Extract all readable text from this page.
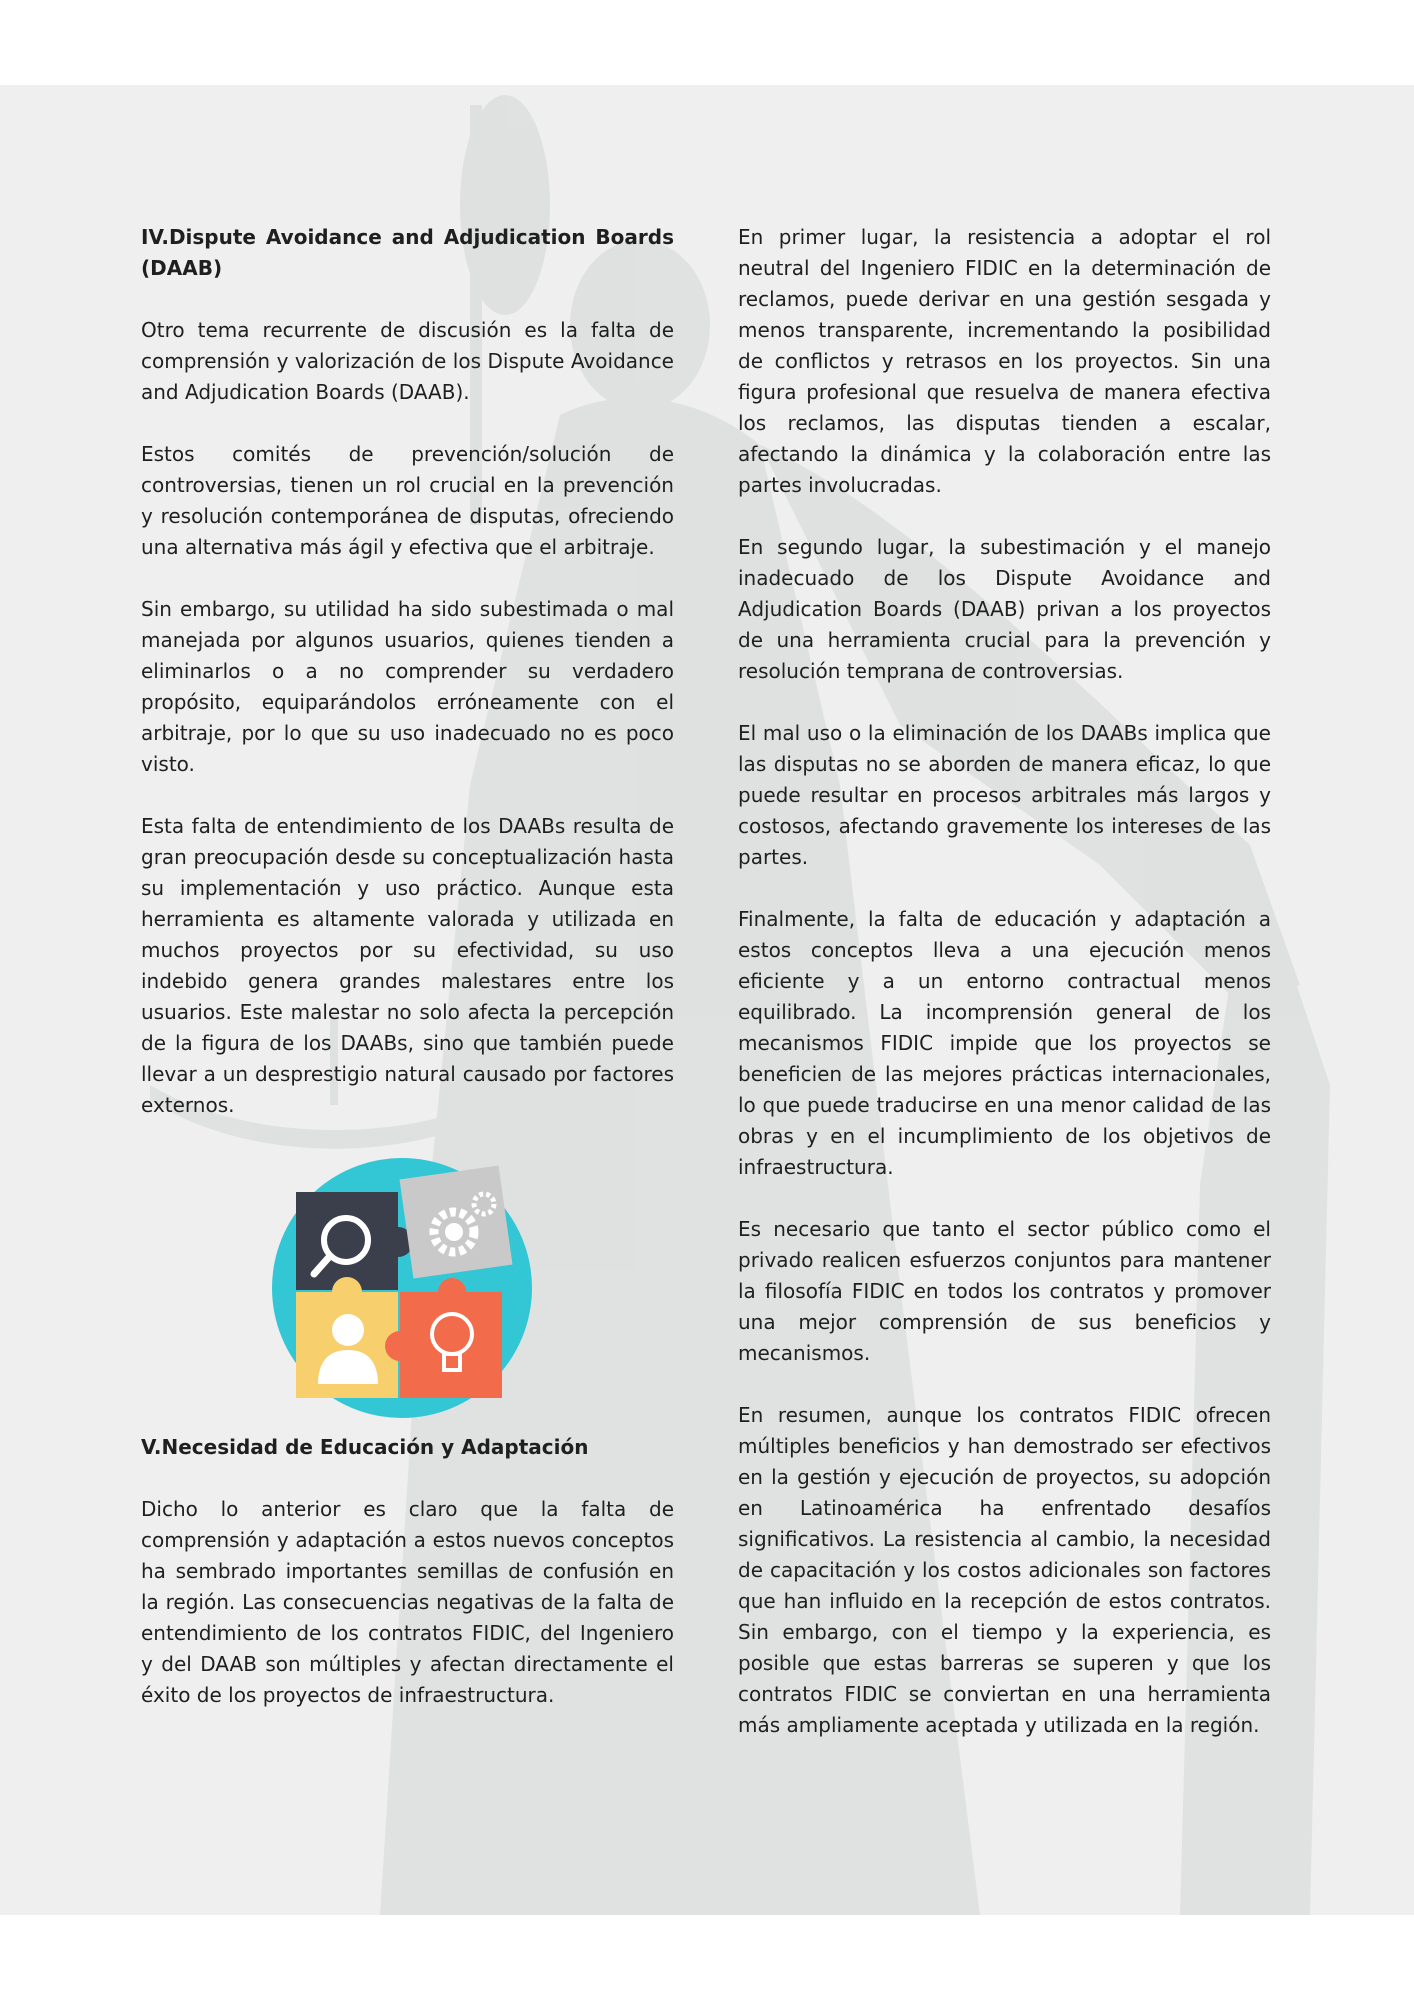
IV.Dispute Avoidance and Adjudication Boards (DAAB)

Otro tema recurrente de discusión es la falta de comprensión y valorización de los Dispute Avoidance and Adjudication Boards (DAAB).

Estos comités de prevención/solución de controversias, tienen un rol crucial en la prevención y resolución contemporánea de disputas, ofreciendo una alternativa más ágil y efectiva que el arbitraje.

Sin embargo, su utilidad ha sido subestimada o mal manejada por algunos usuarios, quienes tienden a eliminarlos o a no comprender su verdadero propósito, equiparándolos erróneamente con el arbitraje, por lo que su uso inadecuado no es poco visto.

Esta falta de entendimiento de los DAABs resulta de gran preocupación desde su conceptualización hasta su implementación y uso práctico. Aunque esta herramienta es altamente valorada y utilizada en muchos proyectos por su efectividad, su uso indebido genera grandes malestares entre los usuarios. Este malestar no solo afecta la percepción de la figura de los DAABs, sino que también puede llevar a un desprestigio natural causado por factores externos.

V.Necesidad de Educación y Adaptación

Dicho lo anterior es claro que la falta de comprensión y adaptación a estos nuevos conceptos ha sembrado importantes semillas de confusión en la región. Las consecuencias negativas de la falta de entendimiento de los contratos FIDIC, del Ingeniero y del DAAB son múltiples y afectan directamente el éxito de los proyectos de infraestructura.

En primer lugar, la resistencia a adoptar el rol neutral del Ingeniero FIDIC en la determinación de reclamos, puede derivar en una gestión sesgada y menos transparente, incrementando la posibilidad de conflictos y retrasos en los proyectos. Sin una figura profesional que resuelva de manera efectiva los reclamos, las disputas tienden a escalar, afectando la dinámica y la colaboración entre las partes involucradas.

En segundo lugar, la subestimación y el manejo inadecuado de los Dispute Avoidance and Adjudication Boards (DAAB) privan a los proyectos de una herramienta crucial para la prevención y resolución temprana de controversias.

El mal uso o la eliminación de los DAABs implica que las disputas no se aborden de manera eficaz, lo que puede resultar en procesos arbitrales más largos y costosos, afectando gravemente los intereses de las partes.

Finalmente, la falta de educación y adaptación a estos conceptos lleva a una ejecución menos eficiente y a un entorno contractual menos equilibrado. La incomprensión general de los mecanismos FIDIC impide que los proyectos se beneficien de las mejores prácticas internacionales, lo que puede traducirse en una menor calidad de las obras y en el incumplimiento de los objetivos de infraestructura.

Es necesario que tanto el sector público como el privado realicen esfuerzos conjuntos para mantener la filosofía FIDIC en todos los contratos y promover una mejor comprensión de sus beneficios y mecanismos.

En resumen, aunque los contratos FIDIC ofrecen múltiples beneficios y han demostrado ser efectivos en la gestión y ejecución de proyectos, su adopción en Latinoamérica ha enfrentado desafíos significativos. La resistencia al cambio, la necesidad de capacitación y los costos adicionales son factores que han influido en la recepción de estos contratos. Sin embargo, con el tiempo y la experiencia, es posible que estas barreras se superen y que los contratos FIDIC se conviertan en una herramienta más ampliamente aceptada y utilizada en la región.
